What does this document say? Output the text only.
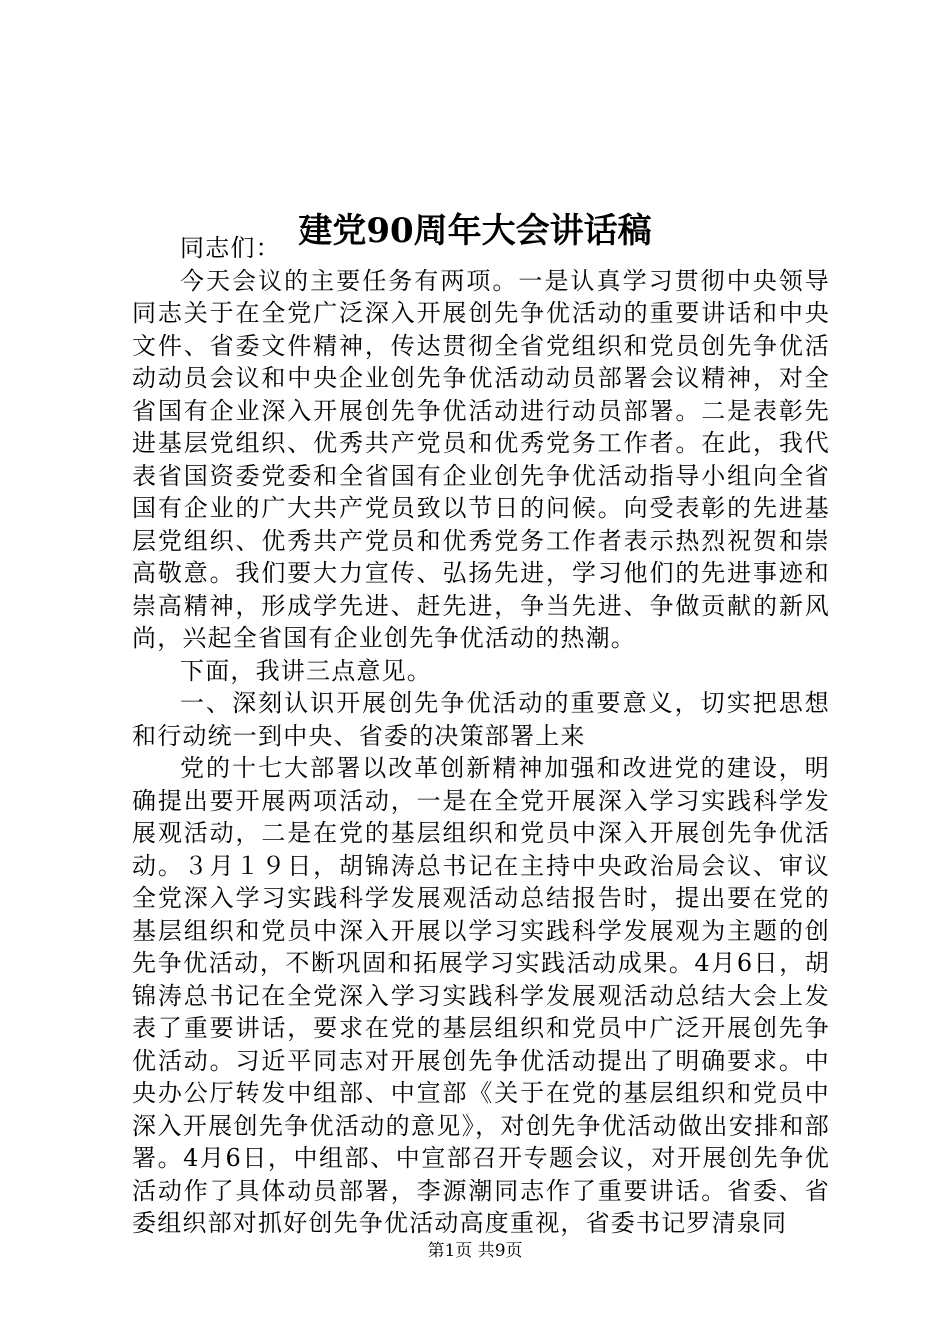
建党90周年大会讲话稿

同志们：

今天会议的主要任务有两项。一是认真学习贯彻中央领导同志关于在全党广泛深入开展创先争优活动的重要讲话和中央文件、省委文件精神，传达贯彻全省党组织和党员创先争优活动动员会议和中央企业创先争优活动动员部署会议精神，对全省国有企业深入开展创先争优活动进行动员部署。二是表彰先进基层党组织、优秀共产党员和优秀党务工作者。在此，我代表省国资委党委和全省国有企业创先争优活动指导小组向全省国有企业的广大共产党员致以节日的问候。向受表彰的先进基层党组织、优秀共产党员和优秀党务工作者表示热烈祝贺和崇高敬意。我们要大力宣传、弘扬先进，学习他们的先进事迹和崇高精神，形成学先进、赶先进，争当先进、争做贡献的新风尚，兴起全省国有企业创先争优活动的热潮。

下面，我讲三点意见。

一、深刻认识开展创先争优活动的重要意义，切实把思想和行动统一到中央、省委的决策部署上来

党的十七大部署以改革创新精神加强和改进党的建设，明确提出要开展两项活动，一是在全党开展深入学习实践科学发展观活动，二是在党的基层组织和党员中深入开展创先争优活动。３月１９日，胡锦涛总书记在主持中央政治局会议、审议全党深入学习实践科学发展观活动总结报告时，提出要在党的基层组织和党员中深入开展以学习实践科学发展观为主题的创先争优活动，不断巩固和拓展学习实践活动成果。4月6日，胡锦涛总书记在全党深入学习实践科学发展观活动总结大会上发表了重要讲话，要求在党的基层组织和党员中广泛开展创先争优活动。习近平同志对开展创先争优活动提出了明确要求。中央办公厅转发中组部、中宣部《关于在党的基层组织和党员中深入开展创先争优活动的意见》，对创先争优活动做出安排和部署。4月6日，中组部、中宣部召开专题会议，对开展创先争优活动作了具体动员部署，李源潮同志作了重要讲话。省委、省委组织部对抓好创先争优活动高度重视，省委书记罗清泉同

第1页 共9页
